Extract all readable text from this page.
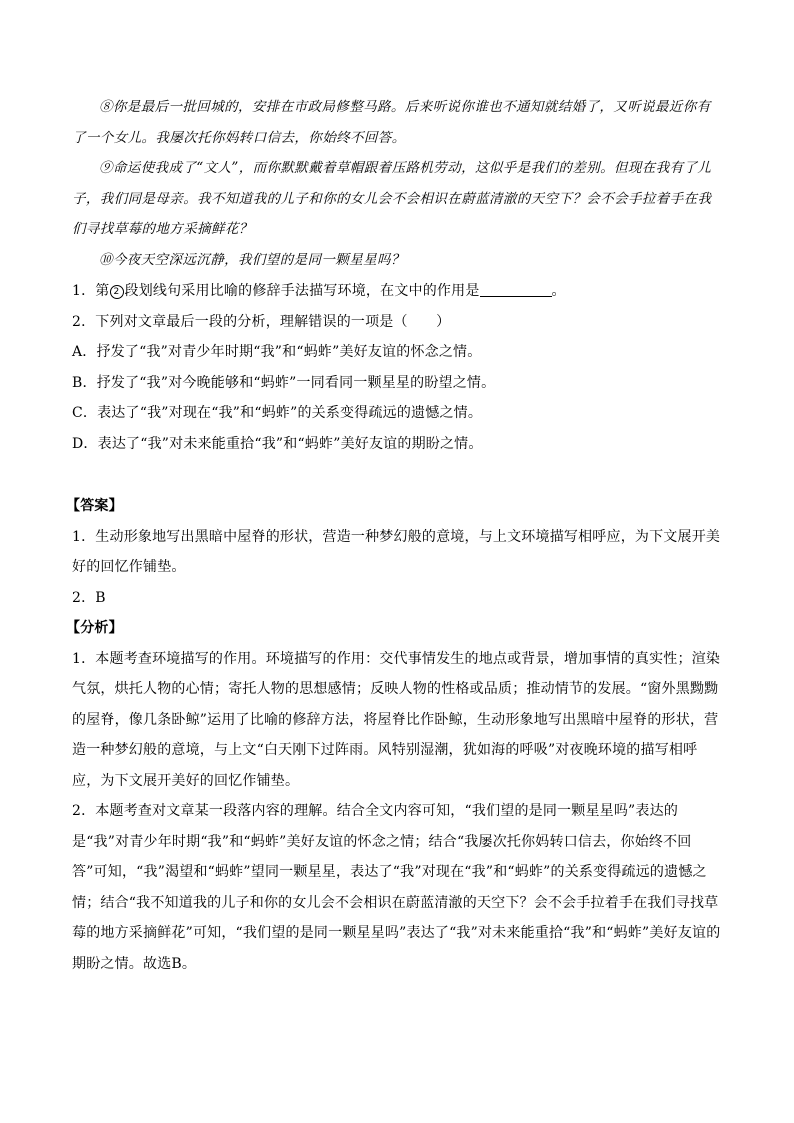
⑧你是最后一批回城的，安排在市政局修整马路。后来听说你谁也不通知就结婚了，又听说最近你有了一个女儿。我屡次托你妈转口信去，你始终不回答。

⑨命运使我成了“文人”，而你默默戴着草帽跟着压路机劳动，这似乎是我们的差别。但现在我有了儿子，我们同是母亲。我不知道我的儿子和你的女儿会不会相识在蔚蓝清澈的天空下？会不会手拉着手在我们寻找草莓的地方采摘鲜花？

⑩今夜天空深远沉静，我们望的是同一颗星星吗？

1．第 2 段划线句采用比喻的修辞手法描写环境，在文中的作用是	。

2．下列对文章最后一段的分析，理解错误的一项是（　　）

A．抒发了“我”对青少年时期“我”和“蚂蚱”美好友谊的怀念之情。

B．抒发了“我”对今晚能够和“蚂蚱”一同看同一颗星星的盼望之情。

C．表达了“我”对现在“我”和“蚂蚱”的关系变得疏远的遗憾之情。

D．表达了“我”对未来能重拾“我”和“蚂蚱”美好友谊的期盼之情。

【答案】

1．生动形象地写出黑暗中屋脊的形状，营造一种梦幻般的意境，与上文环境描写相呼应，为下文展开美好的回忆作铺垫。

2．B

【分析】

1．本题考查环境描写的作用。环境描写的作用：交代事情发生的地点或背景，增加事情的真实性；渲染气氛，烘托人物的心情；寄托人物的思想感情；反映人物的性格或品质；推动情节的发展。“窗外黑黝黝的屋脊，像几条卧鲸”运用了比喻的修辞方法，将屋脊比作卧鲸，生动形象地写出黑暗中屋脊的形状，营造一种梦幻般的意境，与上文“白天刚下过阵雨。风特别湿潮，犹如海的呼吸”对夜晚环境的描写相呼应，为下文展开美好的回忆作铺垫。

2．本题考查对文章某一段落内容的理解。结合全文内容可知，“我们望的是同一颗星星吗”表达的是“我”对青少年时期“我”和“蚂蚱”美好友谊的怀念之情；结合“我屡次托你妈转口信去，你始终不回答”可知，“我”渴望和“蚂蚱”望同一颗星星，表达了“我”对现在“我”和“蚂蚱”的关系变得疏远的遗憾之情；结合“我不知道我的儿子和你的女儿会不会相识在蔚蓝清澈的天空下？会不会手拉着手在我们寻找草莓的地方采摘鲜花”可知，“我们望的是同一颗星星吗”表达了“我”对未来能重拾“我”和“蚂蚱”美好友谊的期盼之情。故选B。
